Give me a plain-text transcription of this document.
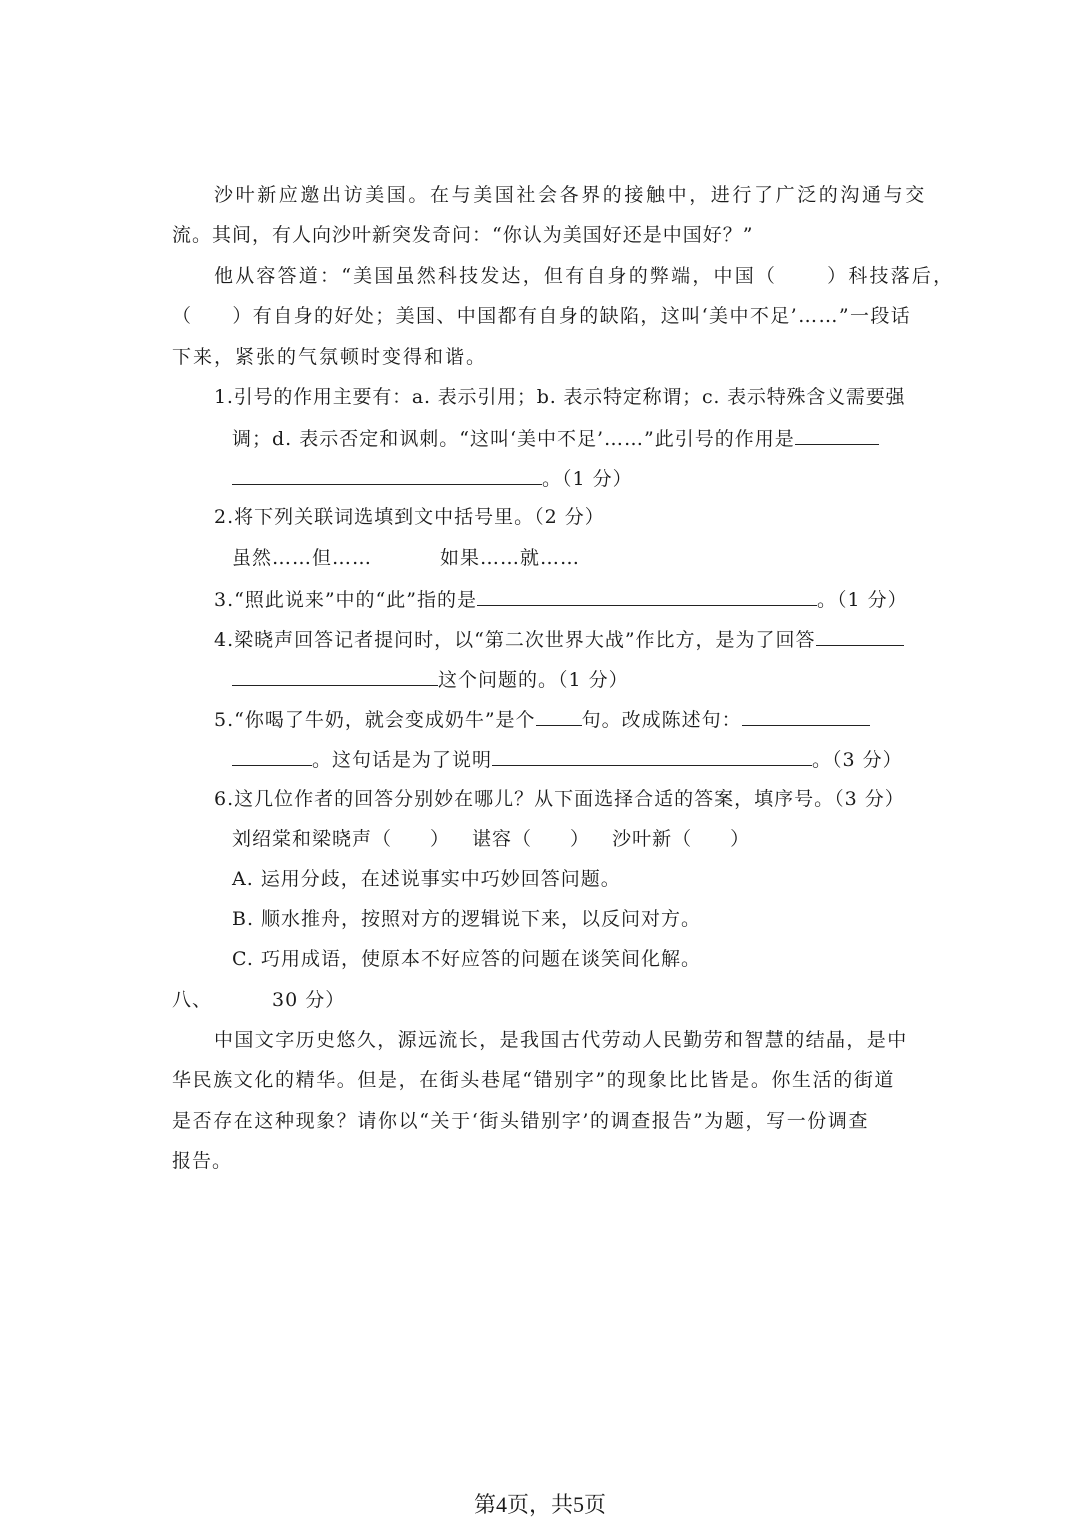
沙叶新应邀出访美国。在与美国社会各界的接触中，进行了广泛的沟通与交
流。其间，有人向沙叶新突发奇问：“你认为美国好还是中国好？”
他从容答道：“美国虽然科技发达，但有自身的弊端，中国（	）科技落后，
（ ）有自身的好处；美国、中国都有自身的缺陷，这叫‘美中不足’……”一段话
下来，紧张的气氛顿时变得和谐。
1.引号的作用主要有：a. 表示引用；b. 表示特定称谓；c. 表示特殊含义需要强
调；d. 表示否定和讽刺。“这叫‘美中不足’……”此引号的作用是
。（1 分）
2.将下列关联词选填到文中括号里。（2 分）
虽然……但……	如果……就……
3.“照此说来”中的“此”指的是	。（1 分）
4.梁晓声回答记者提问时，以“第二次世界大战”作比方，是为了回答
这个问题的。（1 分）
5.“你喝了牛奶，就会变成奶牛”是个 句。改成陈述句：
。这句话是为了说明	。（3 分）
6.这几位作者的回答分别妙在哪儿？从下面选择合适的答案，填序号。（3 分）
刘绍棠和梁晓声（ ） 谌容（ ） 沙叶新（ ）
A. 运用分歧，在述说事实中巧妙回答问题。
B. 顺水推舟，按照对方的逻辑说下来，以反问对方。
C. 巧用成语，使原本不好应答的问题在谈笑间化解。
八、	30 分）
中国文字历史悠久，源远流长，是我国古代劳动人民勤劳和智慧的结晶，是中
华民族文化的精华。但是，在街头巷尾“错别字”的现象比比皆是。你生活的街道
是否存在这种现象？请你以“关于‘街头错别字’的调查报告”为题，写一份调查
报告。
第4页，共5页
